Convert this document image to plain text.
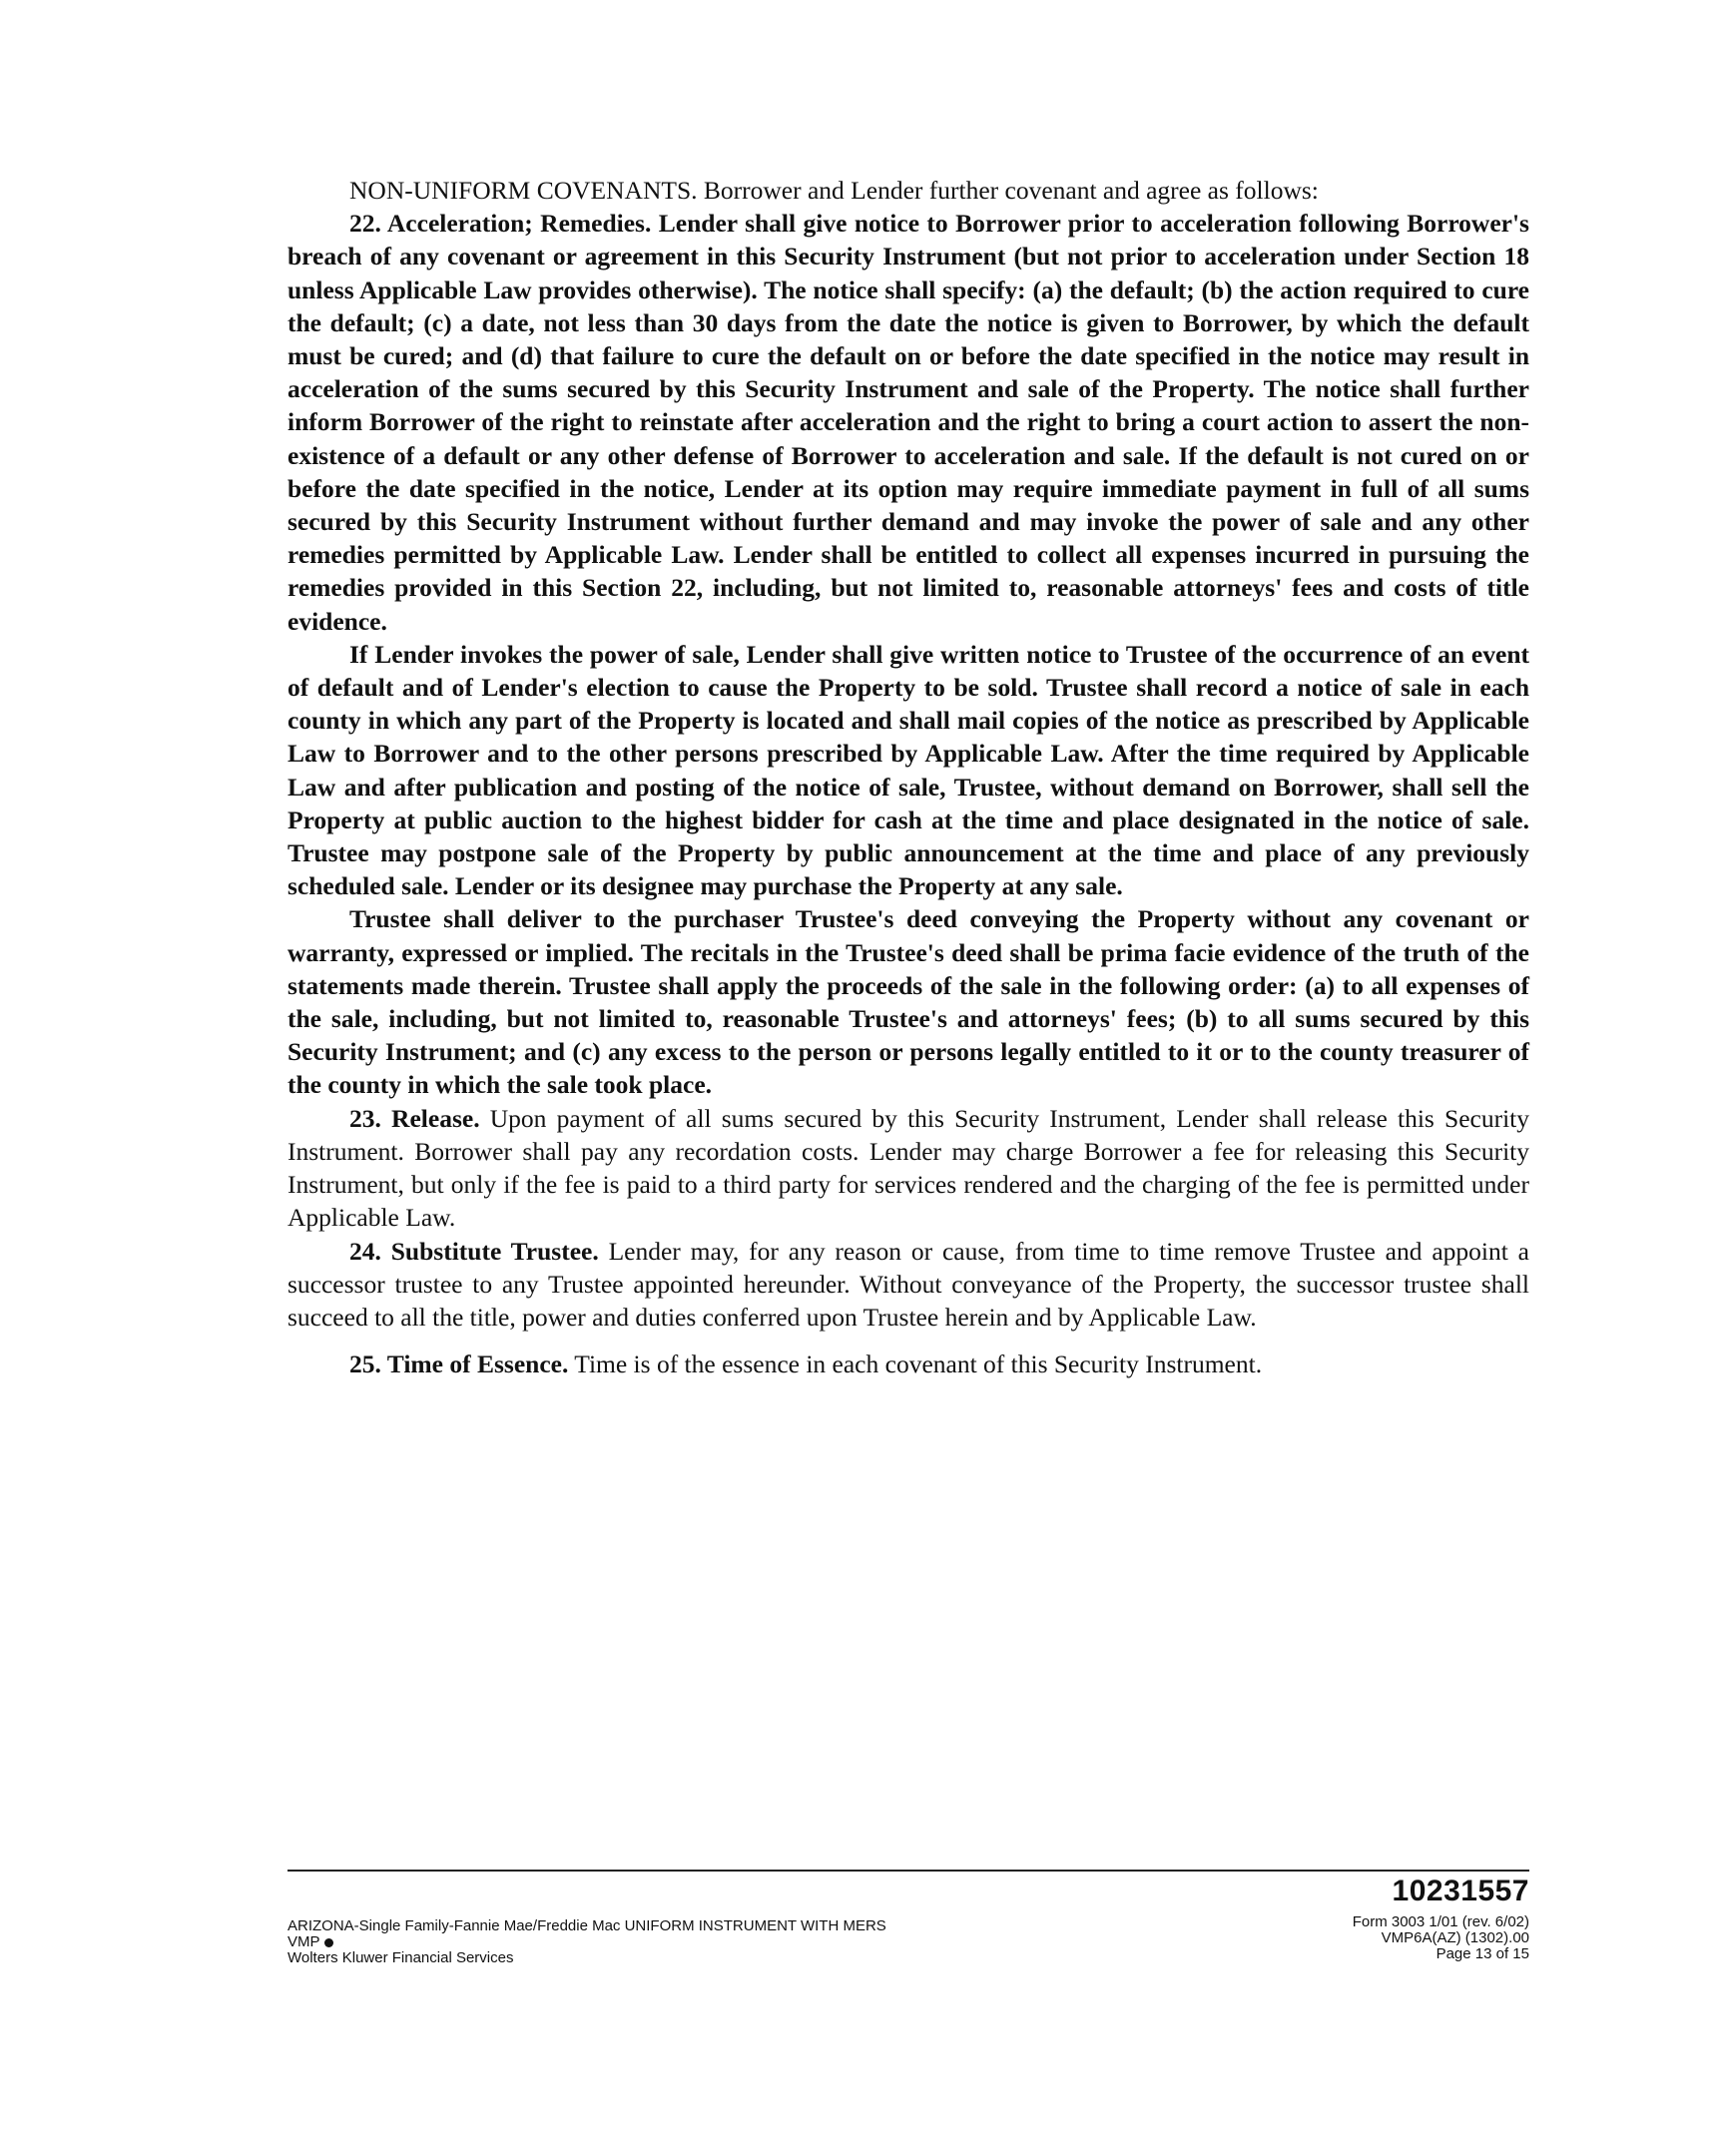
NON-UNIFORM COVENANTS. Borrower and Lender further covenant and agree as follows:

22. Acceleration; Remedies. Lender shall give notice to Borrower prior to acceleration following Borrower's breach of any covenant or agreement in this Security Instrument (but not prior to acceleration under Section 18 unless Applicable Law provides otherwise). The notice shall specify: (a) the default; (b) the action required to cure the default; (c) a date, not less than 30 days from the date the notice is given to Borrower, by which the default must be cured; and (d) that failure to cure the default on or before the date specified in the notice may result in acceleration of the sums secured by this Security Instrument and sale of the Property. The notice shall further inform Borrower of the right to reinstate after acceleration and the right to bring a court action to assert the non-existence of a default or any other defense of Borrower to acceleration and sale. If the default is not cured on or before the date specified in the notice, Lender at its option may require immediate payment in full of all sums secured by this Security Instrument without further demand and may invoke the power of sale and any other remedies permitted by Applicable Law. Lender shall be entitled to collect all expenses incurred in pursuing the remedies provided in this Section 22, including, but not limited to, reasonable attorneys' fees and costs of title evidence.

If Lender invokes the power of sale, Lender shall give written notice to Trustee of the occurrence of an event of default and of Lender's election to cause the Property to be sold. Trustee shall record a notice of sale in each county in which any part of the Property is located and shall mail copies of the notice as prescribed by Applicable Law to Borrower and to the other persons prescribed by Applicable Law. After the time required by Applicable Law and after publication and posting of the notice of sale, Trustee, without demand on Borrower, shall sell the Property at public auction to the highest bidder for cash at the time and place designated in the notice of sale. Trustee may postpone sale of the Property by public announcement at the time and place of any previously scheduled sale. Lender or its designee may purchase the Property at any sale.

Trustee shall deliver to the purchaser Trustee's deed conveying the Property without any covenant or warranty, expressed or implied. The recitals in the Trustee's deed shall be prima facie evidence of the truth of the statements made therein. Trustee shall apply the proceeds of the sale in the following order: (a) to all expenses of the sale, including, but not limited to, reasonable Trustee's and attorneys' fees; (b) to all sums secured by this Security Instrument; and (c) any excess to the person or persons legally entitled to it or to the county treasurer of the county in which the sale took place.

23. Release. Upon payment of all sums secured by this Security Instrument, Lender shall release this Security Instrument. Borrower shall pay any recordation costs. Lender may charge Borrower a fee for releasing this Security Instrument, but only if the fee is paid to a third party for services rendered and the charging of the fee is permitted under Applicable Law.

24. Substitute Trustee. Lender may, for any reason or cause, from time to time remove Trustee and appoint a successor trustee to any Trustee appointed hereunder. Without conveyance of the Property, the successor trustee shall succeed to all the title, power and duties conferred upon Trustee herein and by Applicable Law.

25. Time of Essence. Time is of the essence in each covenant of this Security Instrument.

10231557
ARIZONA-Single Family-Fannie Mae/Freddie Mac UNIFORM INSTRUMENT WITH MERS
VMP
Wolters Kluwer Financial Services
Form 3003 1/01 (rev. 6/02)
VMP6A(AZ) (1302).00
Page 13 of 15
